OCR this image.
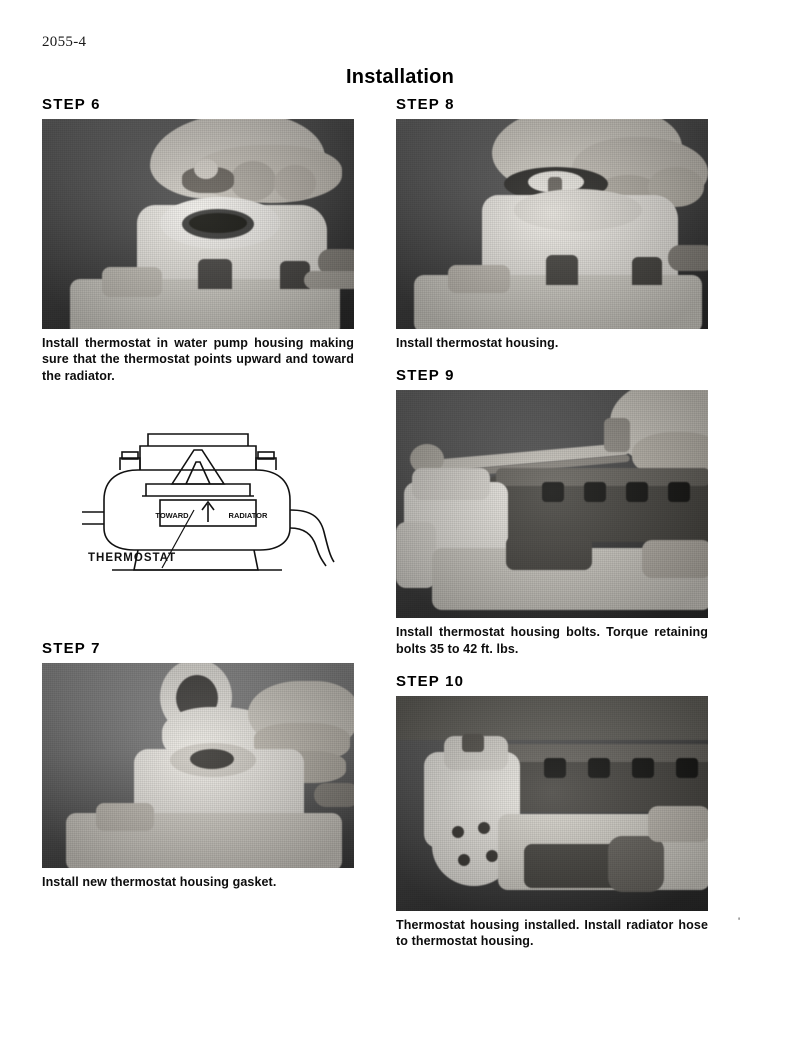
2055-4
Installation
STEP 6
Install thermostat in water pump housing making sure that the thermostat points upward and toward the radiator.
TOWARD	RADIATOR
THERMOSTAT
STEP 7
Install new thermostat housing gasket.
STEP 8
Install thermostat housing.
STEP 9
Install thermostat housing bolts. Torque retaining bolts 35 to 42 ft. lbs.
STEP 10
Thermostat housing installed. Install radiator hose to thermostat housing.
'
